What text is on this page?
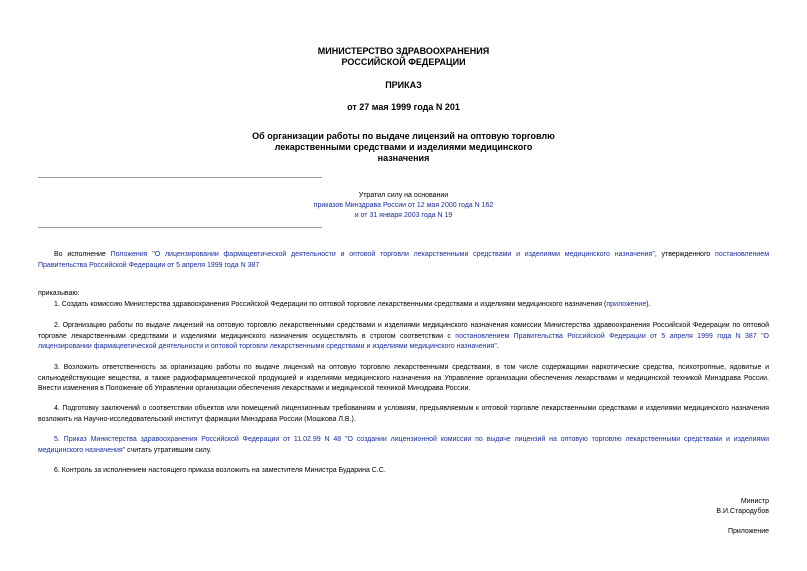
МИНИСТЕРСТВО ЗДРАВООХРАНЕНИЯ
РОССИЙСКОЙ ФЕДЕРАЦИИ
ПРИКАЗ
от 27 мая 1999 года N 201
Об организации работы по выдаче лицензий на оптовую торговлю
лекарственными средствами и изделиями медицинского
назначения
Утратил силу на основании
приказов Минздрава России от 12 мая 2000 года N 162
и от 31 января 2003 года N 19
Во исполнение Положения "О лицензировании фармацевтической деятельности и оптовой торговли лекарственными средствами и изделиями медицинского назначения", утвержденного постановлением Правительства Российской Федерации от 5 апреля 1999 года N 387
приказываю:
1. Создать комиссию Министерства здравоохранения Российской Федерации по оптовой торговле лекарственными средствами и изделиями медицинского назначения (приложение).
2. Организацию работы по выдаче лицензий на оптовую торговлю лекарственными средствами и изделиями медицинского назначения комиссии Министерства здравоохранения Российской Федерации по оптовой торговле лекарственными средствами и изделиями медицинского назначения осуществлять в строгом соответствии с постановлением Правительства Российской Федерации от 5 апреля 1999 года N 387 "О лицензировании фармацевтической деятельности и оптовой торговли лекарственными средствами и изделиями медицинского назначения".
3. Возложить ответственность за организацию работы по выдаче лицензий на оптовую торговлю лекарственными средствами, в том числе содержащими наркотические средства, психотропные, ядовитые и сильнодействующие вещества, а также радиофармацевтической продукцией и изделиями медицинского назначения на Управление организации обеспечения лекарствами и медицинской техникой Минздрава России. Внести изменения в Положение об Управлении организации обеспечения лекарствами и медицинской техникой Минздрава России.
4. Подготовку заключений о соответствии объектов или помещений лицензионным требованиям и условиям, предъявляемым к оптовой торговле лекарственными средствами и изделиями медицинского назначения возложить на Научно-исследовательский институт фармации Минздрава России (Мошкова Л.В.).
5. Приказ Министерства здравоохранения Российской Федерации от 11.02.99 N 48 "О создании лицензионной комиссии по выдаче лицензий на оптовую торговлю лекарственными средствами и изделиями медицинского назначения" считать утратившим силу.
6. Контроль за исполнением настоящего приказа возложить на заместителя Министра Бударина С.С.
Министр
В.И.Стародубов
Приложение
